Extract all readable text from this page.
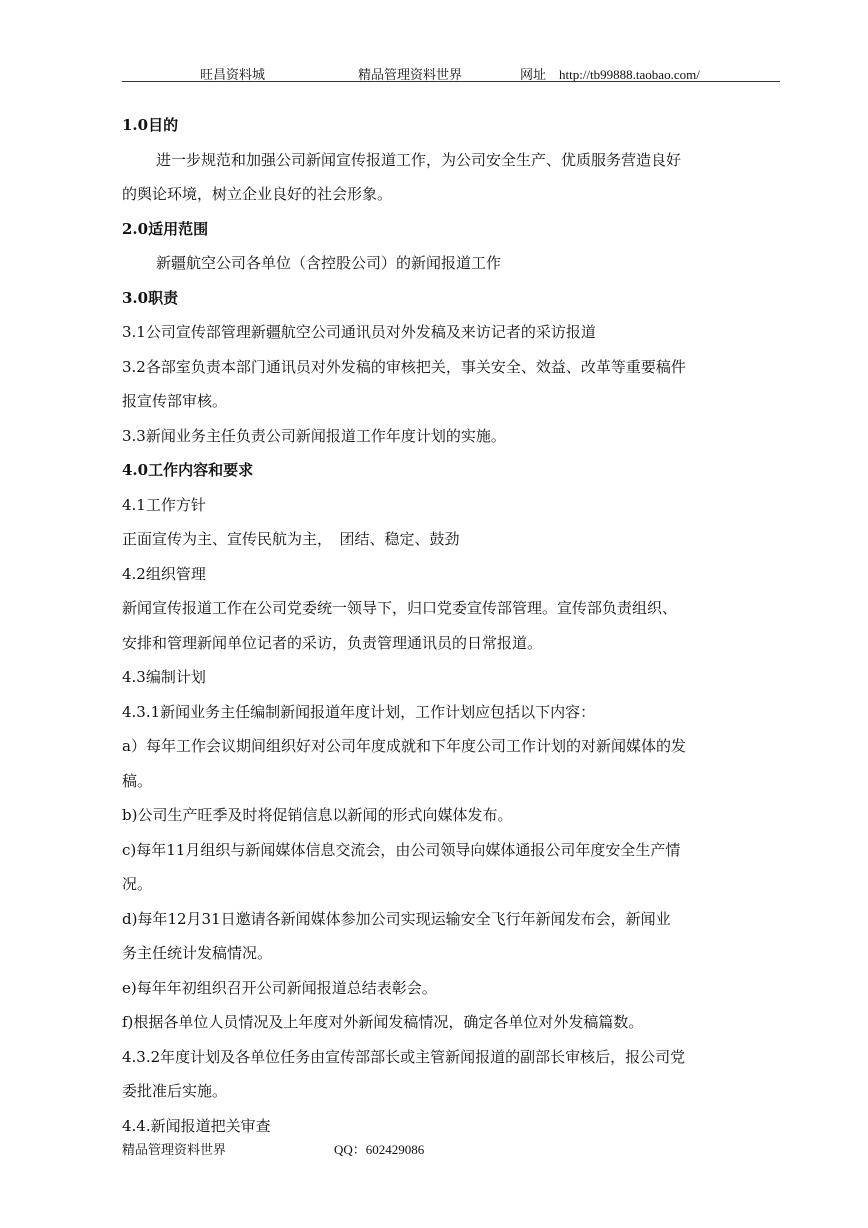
旺昌资料城	精品管理资料世界	网址　http://tb99888.taobao.com/
1.0目的
进一步规范和加强公司新闻宣传报道工作，为公司安全生产、优质服务营造良好
的舆论环境，树立企业良好的社会形象。
2.0适用范围
新疆航空公司各单位（含控股公司）的新闻报道工作
3.0职责
3.1公司宣传部管理新疆航空公司通讯员对外发稿及来访记者的采访报道
3.2各部室负责本部门通讯员对外发稿的审核把关，事关安全、效益、改革等重要稿件
报宣传部审核。
3.3新闻业务主任负责公司新闻报道工作年度计划的实施。
4.0工作内容和要求
4.1工作方针
正面宣传为主、宣传民航为主，　团结、稳定、鼓劲
4.2组织管理
新闻宣传报道工作在公司党委统一领导下，归口党委宣传部管理。宣传部负责组织、
安排和管理新闻单位记者的采访，负责管理通讯员的日常报道。
4.3编制计划
4.3.1新闻业务主任编制新闻报道年度计划，工作计划应包括以下内容：
a）每年工作会议期间组织好对公司年度成就和下年度公司工作计划的对新闻媒体的发
稿。
b)公司生产旺季及时将促销信息以新闻的形式向媒体发布。
c)每年11月组织与新闻媒体信息交流会，由公司领导向媒体通报公司年度安全生产情
况。
d)每年12月31日邀请各新闻媒体参加公司实现运输安全飞行年新闻发布会，新闻业
务主任统计发稿情况。
e)每年年初组织召开公司新闻报道总结表彰会。
f)根据各单位人员情况及上年度对外新闻发稿情况，确定各单位对外发稿篇数。
4.3.2年度计划及各单位任务由宣传部部长或主管新闻报道的副部长审核后，报公司党
委批准后实施。
4.4.新闻报道把关审查
精品管理资料世界	QQ：602429086
